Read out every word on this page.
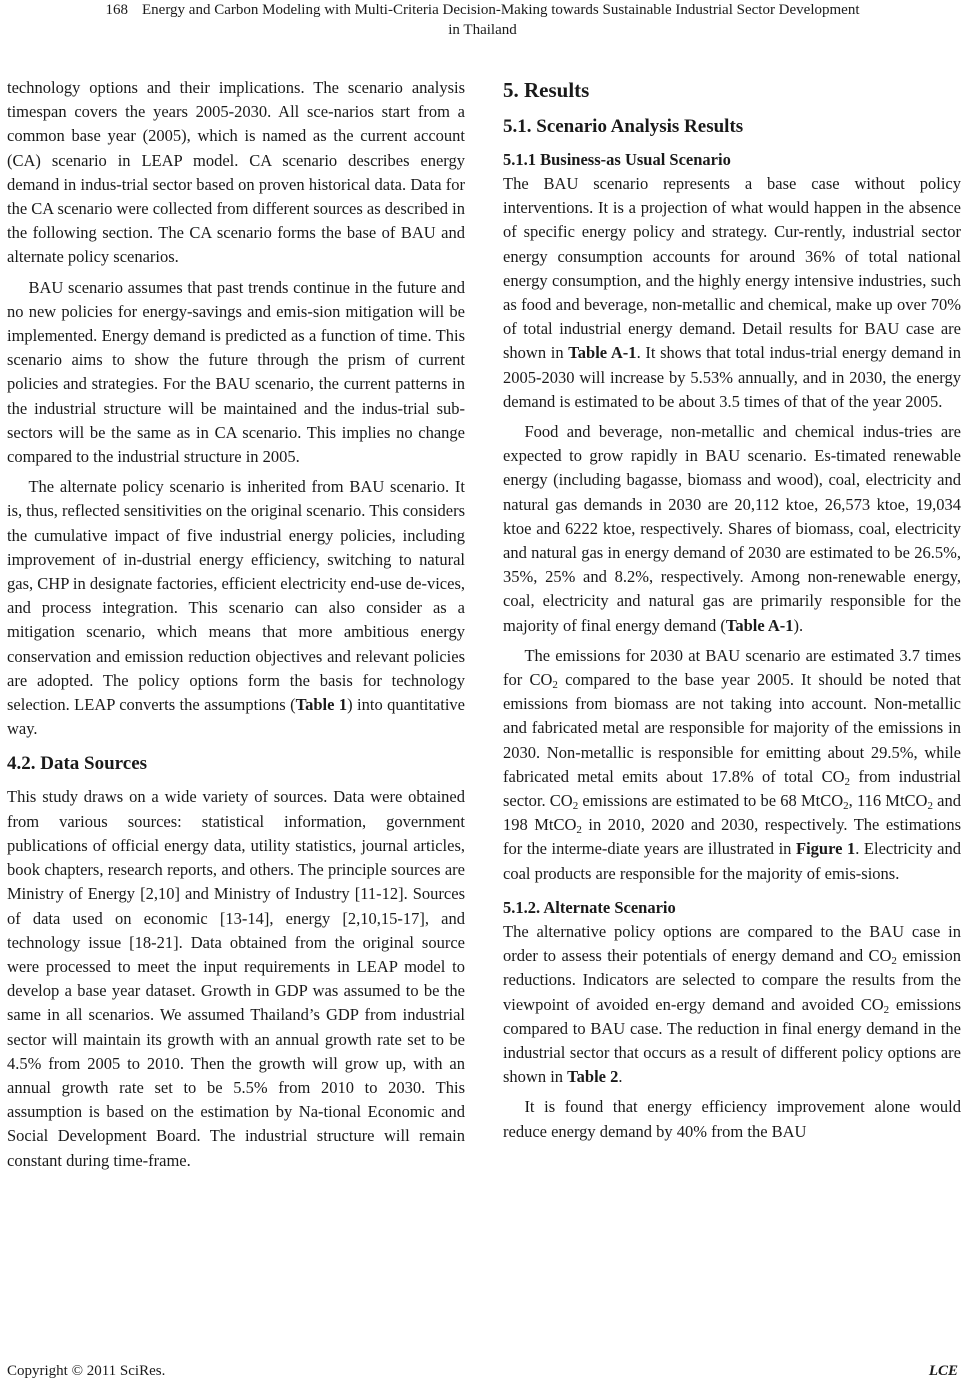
168 Energy and Carbon Modeling with Multi-Criteria Decision-Making towards Sustainable Industrial Sector Development
in Thailand

technology options and their implications. The scenario analysis timespan covers the years 2005-2030. All sce-narios start from a common base year (2005), which is named as the current account (CA) scenario in LEAP model. CA scenario describes energy demand in indus-trial sector based on proven historical data. Data for the CA scenario were collected from different sources as described in the following section. The CA scenario forms the base of BAU and alternate policy scenarios.

BAU scenario assumes that past trends continue in the future and no new policies for energy-savings and emis-sion mitigation will be implemented. Energy demand is predicted as a function of time. This scenario aims to show the future through the prism of current policies and strategies. For the BAU scenario, the current patterns in the industrial structure will be maintained and the indus-trial sub-sectors will be the same as in CA scenario. This implies no change compared to the industrial structure in 2005.

The alternate policy scenario is inherited from BAU scenario. It is, thus, reflected sensitivities on the original scenario. This considers the cumulative impact of five industrial energy policies, including improvement of in-dustrial energy efficiency, switching to natural gas, CHP in designate factories, efficient electricity end-use de-vices, and process integration. This scenario can also consider as a mitigation scenario, which means that more ambitious energy conservation and emission reduction objectives and relevant policies are adopted. The policy options form the basis for technology selection. LEAP converts the assumptions (Table 1) into quantitative way.

4.2. Data Sources

This study draws on a wide variety of sources. Data were obtained from various sources: statistical information, government publications of official energy data, utility statistics, journal articles, book chapters, research reports, and others. The principle sources are Ministry of Energy [2,10] and Ministry of Industry [11-12]. Sources of data used on economic [13-14], energy [2,10,15-17], and technology issue [18-21]. Data obtained from the original source were processed to meet the input requirements in LEAP model to develop a base year dataset. Growth in GDP was assumed to be the same in all scenarios. We assumed Thailand’s GDP from industrial sector will maintain its growth with an annual growth rate set to be 4.5% from 2005 to 2010. Then the growth will grow up, with an annual growth rate set to be 5.5% from 2010 to 2030. This assumption is based on the estimation by Na-tional Economic and Social Development Board. The industrial structure will remain constant during time-frame.

5. Results
5.1. Scenario Analysis Results
5.1.1 Business-as Usual Scenario

The BAU scenario represents a base case without policy interventions. It is a projection of what would happen in the absence of specific energy policy and strategy. Cur-rently, industrial sector energy consumption accounts for around 36% of total national energy consumption, and the highly energy intensive industries, such as food and beverage, non-metallic and chemical, make up over 70% of total industrial energy demand. Detail results for BAU case are shown in Table A-1. It shows that total indus-trial energy demand in 2005-2030 will increase by 5.53% annually, and in 2030, the energy demand is estimated to be about 3.5 times of that of the year 2005.

Food and beverage, non-metallic and chemical indus-tries are expected to grow rapidly in BAU scenario. Es-timated renewable energy (including bagasse, biomass and wood), coal, electricity and natural gas demands in 2030 are 20,112 ktoe, 26,573 ktoe, 19,034 ktoe and 6222 ktoe, respectively. Shares of biomass, coal, electricity and natural gas in energy demand of 2030 are estimated to be 26.5%, 35%, 25% and 8.2%, respectively. Among non-renewable energy, coal, electricity and natural gas are primarily responsible for the majority of final energy demand (Table A-1).

The emissions for 2030 at BAU scenario are estimated 3.7 times for $CO_2$ compared to the base year 2005. It should be noted that emissions from biomass are not taking into account. Non-metallic and fabricated metal are responsible for majority of the emissions in 2030. Non-metallic is responsible for emitting about 29.5%, while fabricated metal emits about 17.8% of total $CO_2$ from industrial sector. $CO_2$ emissions are estimated to be 68 MtCO$_2$, 116 MtCO$_2$ and 198 MtCO$_2$ in 2010, 2020 and 2030, respectively. The estimations for the interme-diate years are illustrated in Figure 1. Electricity and coal products are responsible for the majority of emis-sions.

5.1.2. Alternate Scenario

The alternative policy options are compared to the BAU case in order to assess their potentials of energy demand and $CO_2$ emission reductions. Indicators are selected to compare the results from the viewpoint of avoided en-ergy demand and avoided $CO_2$ emissions compared to BAU case. The reduction in final energy demand in the industrial sector that occurs as a result of different policy options are shown in Table 2.

It is found that energy efficiency improvement alone would reduce energy demand by 40% from the BAU

Copyright © 2011 SciRes.	LCE
